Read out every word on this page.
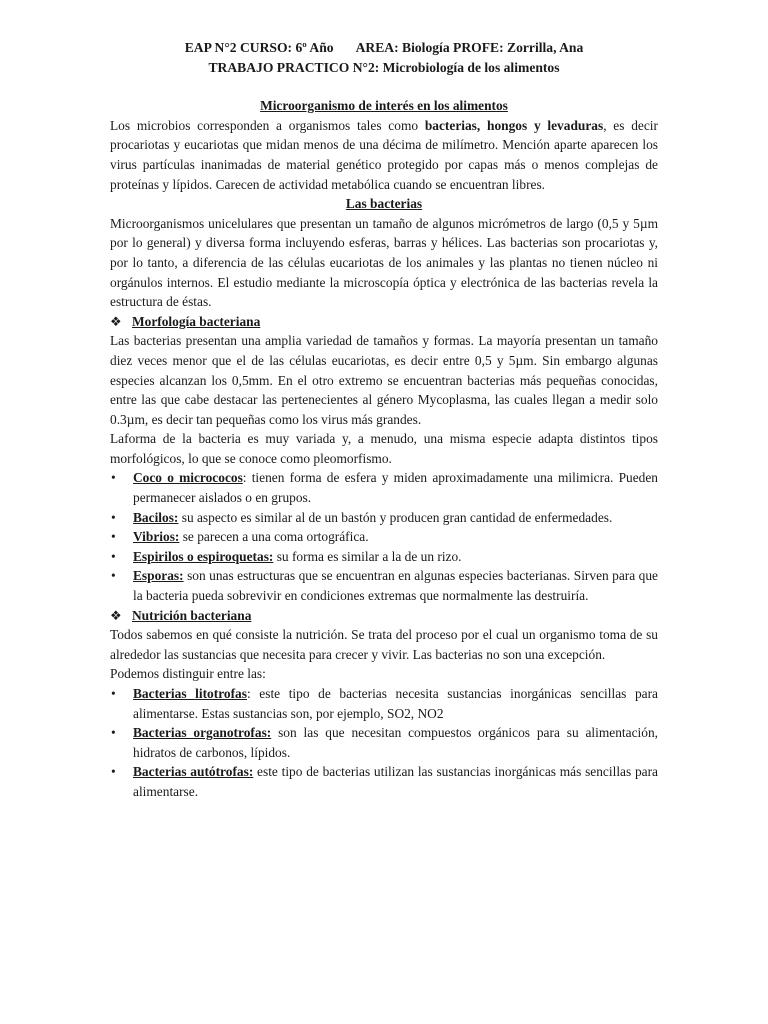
EAP N°2 CURSO: 6º Año AREA: Biología PROFE: Zorrilla, Ana
TRABAJO PRACTICO N°2: Microbiología de los alimentos
Microorganismo de interés en los alimentos

Los microbios corresponden a organismos tales como bacterias, hongos y levaduras, es decir procariotas y eucariotas que midan menos de una décima de milímetro. Mención aparte aparecen los virus partículas inanimadas de material genético protegido por capas más o menos complejas de proteínas y lípidos. Carecen de actividad metabólica cuando se encuentran libres.

Las bacterias

Microorganismos unicelulares que presentan un tamaño de algunos micrómetros de largo (0,5 y 5µm por lo general) y diversa forma incluyendo esferas, barras y hélices. Las bacterias son procariotas y, por lo tanto, a diferencia de las células eucariotas de los animales y las plantas no tienen núcleo ni orgánulos internos. El estudio mediante la microscopía óptica y electrónica de las bacterias revela la estructura de éstas.

❖ Morfología bacteriana

Las bacterias presentan una amplia variedad de tamaños y formas. La mayoría presentan un tamaño diez veces menor que el de las células eucariotas, es decir entre 0,5 y 5µm. Sin embargo algunas especies alcanzan los 0,5mm. En el otro extremo se encuentran bacterias más pequeñas conocidas, entre las que cabe destacar las pertenecientes al género Mycoplasma, las cuales llegan a medir solo 0.3µm, es decir tan pequeñas como los virus más grandes.

Laforma de la bacteria es muy variada y, a menudo, una misma especie adapta distintos tipos morfológicos, lo que se conoce como pleomorfismo.

• Coco o micrococos: tienen forma de esfera y miden aproximadamente una milimicra. Pueden permanecer aislados o en grupos.
• Bacilos: su aspecto es similar al de un bastón y producen gran cantidad de enfermedades.
• Vibrios: se parecen a una coma ortográfica.
• Espirilos o espiroquetas: su forma es similar a la de un rizo.
• Esporas: son unas estructuras que se encuentran en algunas especies bacterianas. Sirven para que la bacteria pueda sobrevivir en condiciones extremas que normalmente las destruiría.
❖ Nutrición bacteriana

Todos sabemos en qué consiste la nutrición. Se trata del proceso por el cual un organismo toma de su alrededor las sustancias que necesita para crecer y vivir. Las bacterias no son una excepción.

Podemos distinguir entre las:

• Bacterias litotrofas: este tipo de bacterias necesita sustancias inorgánicas sencillas para alimentarse. Estas sustancias son, por ejemplo, SO2, NO2
• Bacterias organotrofas: son las que necesitan compuestos orgánicos para su alimentación, hidratos de carbonos, lípidos.
• Bacterias autótrofas: este tipo de bacterias utilizan las sustancias inorgánicas más sencillas para alimentarse.
